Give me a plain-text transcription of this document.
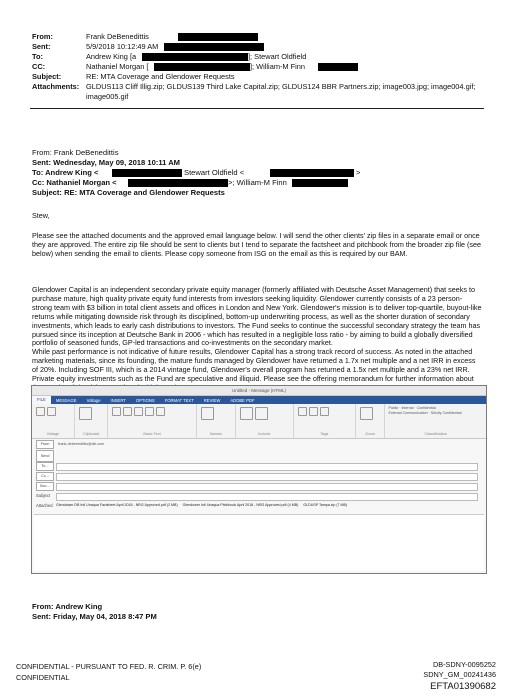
From:	Frank DeBenedittis
Sent:	5/9/2018 10:12:49 AM
To:	Andrew King [a	]; Stewart Oldfield
CC:	Nathaniel Morgan [	]; William-M Finn
Subject:	RE: MTA Coverage and Glendower Requests
Attachments: GLDUS113 Cliff Illig.zip; GLDUS139 Third Lake Capital.zip; GLDUS124 BBR Partners.zip; image003.jpg; image004.gif;
image005.gif
From: Frank DeBenedittis
Sent: Wednesday, May 09, 2018 10:11 AM
To: Andrew King <	Stewart Oldfield <	>
Cc: Nathaniel Morgan <	>; William-M Finn
Subject: RE: MTA Coverage and Glendower Requests
Stew,
Please see the attached documents and the approved email language below. I will send the other clients' zip files in a separate email or once they are approved. The entire zip file should be sent to clients but I tend to separate the factsheet and pitchbook from the broader zip file (see below) when sending the email to clients. Please copy someone from ISG on the email as this is required by our BAM.
Glendower Capital is an independent secondary private equity manager (formerly affiliated with Deutsche Asset Management) that seeks to purchase mature, high quality private equity fund interests from investors seeking liquidity. Glendower currently consists of a 23 person-strong team with $3 billion in total client assets and offices in London and New York. Glendower's mission is to deliver top-quartile, buyout-like returns while mitigating downside risk through its disciplined, bottom-up underwriting process, as well as the shorter duration of secondary investments, which leads to early cash distributions to investors. The Fund seeks to continue the successful secondary strategy the team has pursued since its inception at Deutsche Bank in 2006 - which has resulted in a negligible loss ratio - by aiming to build a globally diversified portfolio of seasoned funds, GP-led transactions and co-investments on the secondary market.
While past performance is not indicative of future results, Glendower Capital has a strong track record of success. As noted in the attached marketing materials, since its founding, the mature funds managed by Glendower have returned a 1.7x net multiple and a net IRR in excess of 20%. Including SOF III, which is a 2014 vintage fund, Glendower's overall program has returned a 1.5x net multiple and a 23% net IRR. Private equity investments such as the Fund are speculative and illiquid. Please see the offering memorandum for further information about
Untitled - Message (HTML)
FILE	MESSAGE	Voltage	INSERT	OPTIONS	FORMAT TEXT	REVIEW	ADOBE PDF
Voltage	Clipboard	Basic Text	Names	Include	Tags	Zoom
Public · Internal · Confidential
External Communication · Strictly Confidential
Classification
From	frank.debenedittis@db.com
Send
To...
Cc...
Bcc...
Subject
Attached Glendower DB Intl Unaqua Factsheet April 2018 - NRG Approved.pdf (2 MB) Glendower Intl Unaqua Pitchbook April 2018 - NRG Approved.pdf (4 MB) GLDUSP Tampa.zip (7 MB)
From: Andrew King
Sent: Friday, May 04, 2018 8:47 PM
CONFIDENTIAL - PURSUANT TO FED. R. CRIM. P. 6(e)
CONFIDENTIAL
DB-SDNY-0095252
SDNY_GM_00241436
EFTA01390682
